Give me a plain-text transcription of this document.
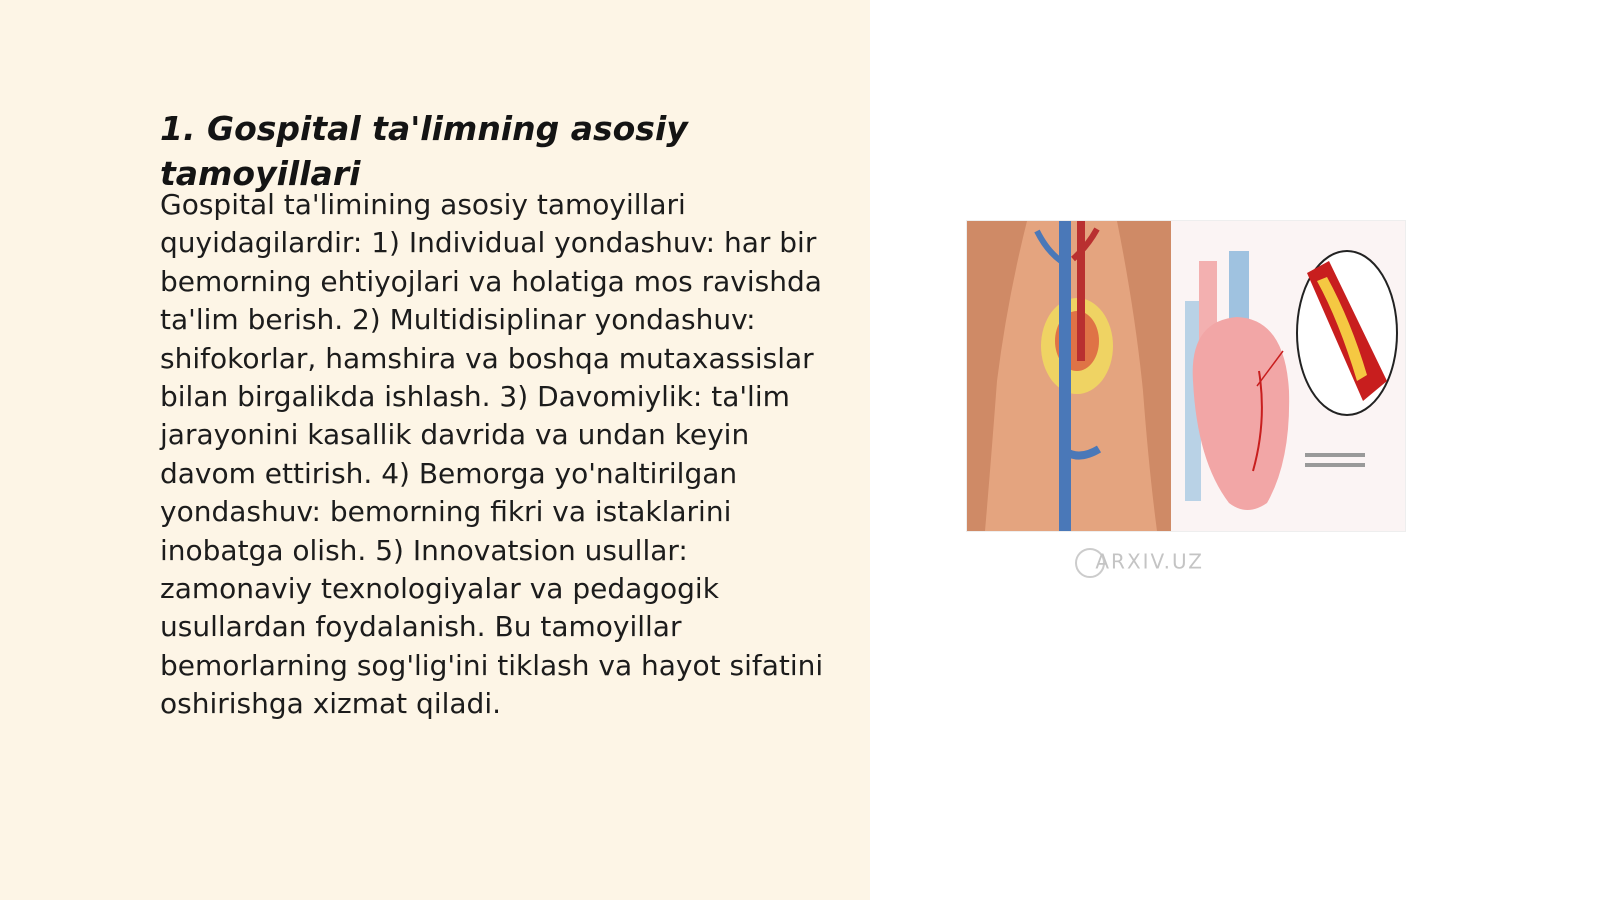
1. Gospital ta'limning asosiy tamoyillari

Gospital ta'limining asosiy tamoyillari quyidagilardir: 1) Individual yondashuv: har bir bemorning ehtiyojlari va holatiga mos ravishda ta'lim berish. 2) Multidisiplinar yondashuv: shifokorlar, hamshira va boshqa mutaxassislar bilan birgalikda ishlash. 3) Davomiylik: ta'lim jarayonini kasallik davrida va undan keyin davom ettirish. 4) Bemorga yo'naltirilgan yondashuv: bemorning fikri va istaklarini inobatga olish. 5) Innovatsion usullar: zamonaviy texnologiyalar va pedagogik usullardan foydalanish. Bu tamoyillar bemorlarning sog'lig'ini tiklash va hayot sifatini oshirishga xizmat qiladi.

ARXIV.UZ
